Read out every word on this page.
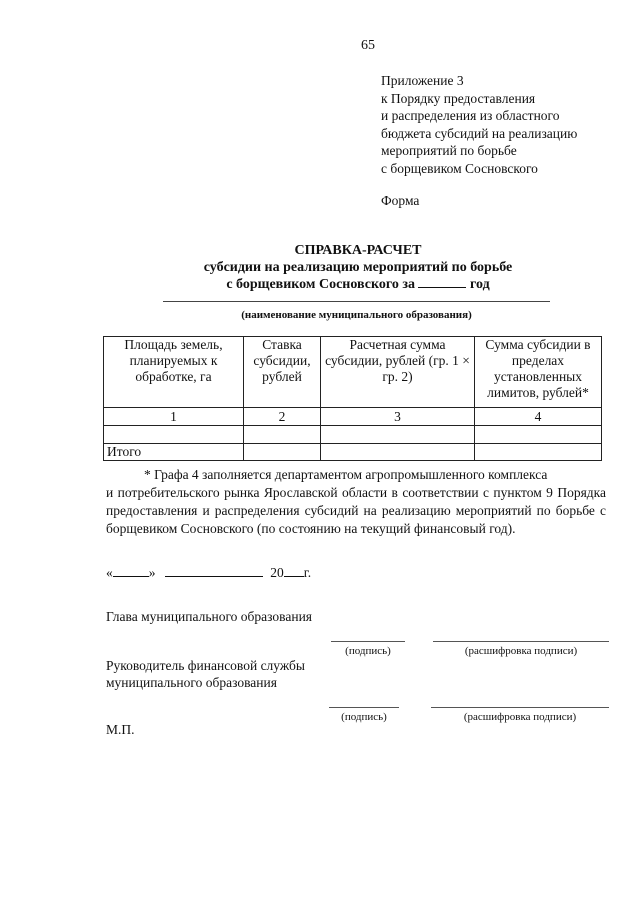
65
Приложение 3
к Порядку предоставления
и распределения из областного
бюджета субсидий на реализацию
мероприятий по борьбе
с борщевиком Сосновского
Форма
СПРАВКА-РАСЧЕТ
субсидии на реализацию мероприятий по борьбе
с борщевиком Сосновского за	год
(наименование муниципального образования)
Площадь земель, планируемых к обработке, га	Ставка субсидии, рублей	Расчетная сумма субсидии, рублей (гр. 1 × гр. 2)	Сумма субсидии в пределах установленных лимитов, рублей*
1	2	3	4

Итого			
* Графа 4 заполняется департаментом агропромышленного комплекса
и потребительского рынка Ярославской области в соответствии с пунктом 9 Порядка предоставления и распределения субсидий на реализацию мероприятий по борьбе с борщевиком Сосновского (по состоянию на текущий финансовый год).
«	»	20 г.
Глава муниципального образования
(подпись)	(расшифровка подписи)
Руководитель финансовой службы муниципального образования
(подпись)	(расшифровка подписи)
М.П.
